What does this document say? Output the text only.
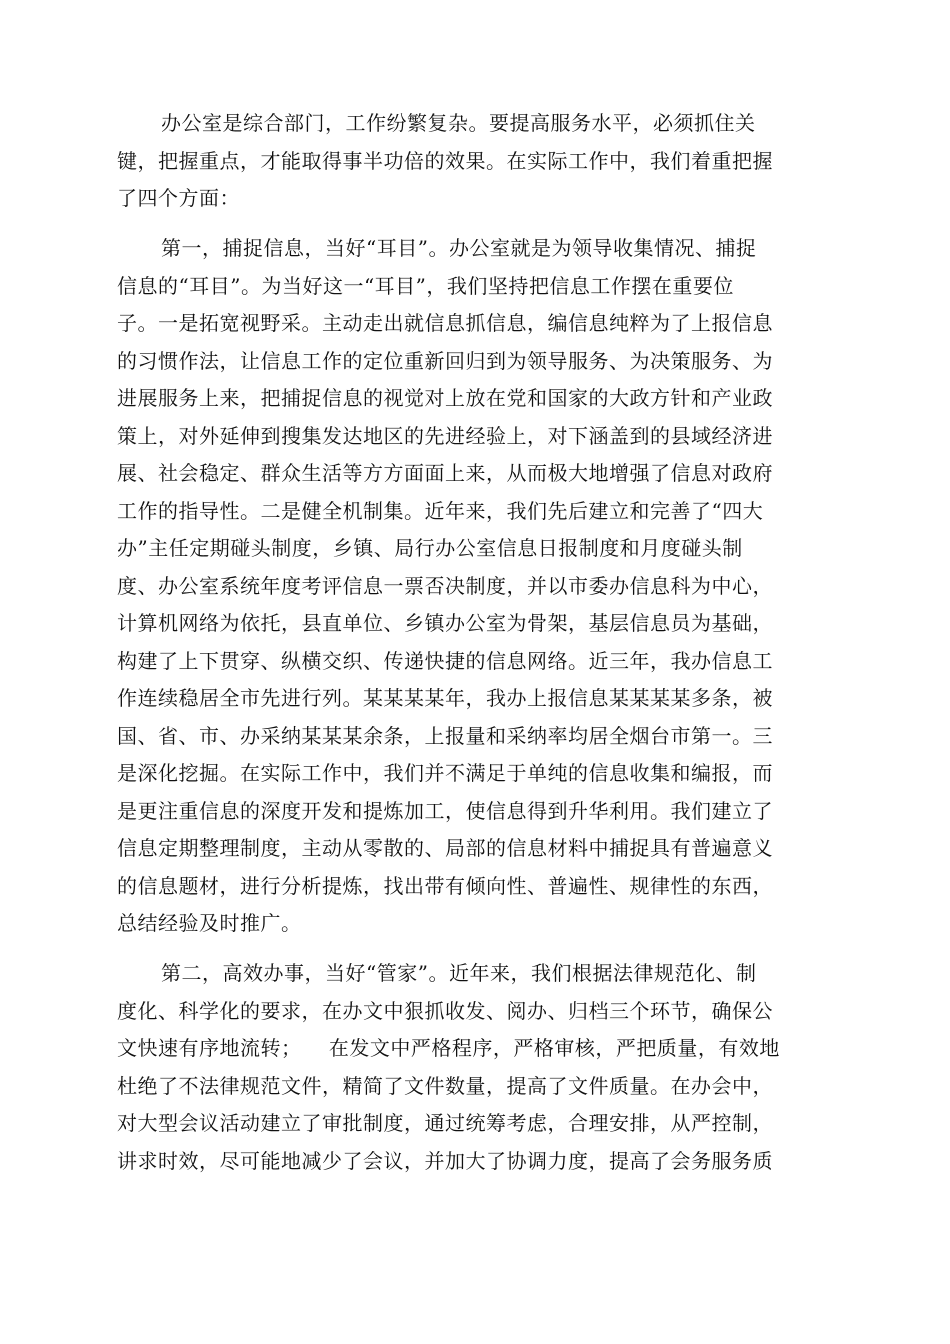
办公室是综合部门，工作纷繁复杂。要提高服务水平，必须抓住关
键，把握重点，才能取得事半功倍的效果。在实际工作中，我们着重把握
了四个方面：
第一，捕捉信息，当好“耳目”。办公室就是为领导收集情况、捕捉
信息的“耳目”。为当好这一“耳目”，我们坚持把信息工作摆在重要位
子。一是拓宽视野采。主动走出就信息抓信息，编信息纯粹为了上报信息
的习惯作法，让信息工作的定位重新回归到为领导服务、为决策服务、为
进展服务上来，把捕捉信息的视觉对上放在党和国家的大政方针和产业政
策上，对外延伸到搜集发达地区的先进经验上，对下涵盖到的县域经济进
展、社会稳定、群众生活等方方面面上来，从而极大地增强了信息对政府
工作的指导性。二是健全机制集。近年来，我们先后建立和完善了“四大
办”主任定期碰头制度，乡镇、局行办公室信息日报制度和月度碰头制
度、办公室系统年度考评信息一票否决制度，并以市委办信息科为中心，
计算机网络为依托，县直单位、乡镇办公室为骨架，基层信息员为基础，
构建了上下贯穿、纵横交织、传递快捷的信息网络。近三年，我办信息工
作连续稳居全市先进行列。某某某某年，我办上报信息某某某某多条，被
国、省、市、办采纳某某某余条，上报量和采纳率均居全烟台市第一。三
是深化挖掘。在实际工作中，我们并不满足于单纯的信息收集和编报，而
是更注重信息的深度开发和提炼加工，使信息得到升华利用。我们建立了
信息定期整理制度，主动从零散的、局部的信息材料中捕捉具有普遍意义
的信息题材，进行分析提炼，找出带有倾向性、普遍性、规律性的东西，
总结经验及时推广。
第二，高效办事，当好“管家”。近年来，我们根据法律规范化、制
度化、科学化的要求，在办文中狠抓收发、阅办、归档三个环节，确保公
文快速有序地流转；    在发文中严格程序，严格审核，严把质量，有效地
杜绝了不法律规范文件，精简了文件数量，提高了文件质量。在办会中，
对大型会议活动建立了审批制度，通过统筹考虑，合理安排，从严控制，
讲求时效，尽可能地减少了会议，并加大了协调力度，提高了会务服务质
